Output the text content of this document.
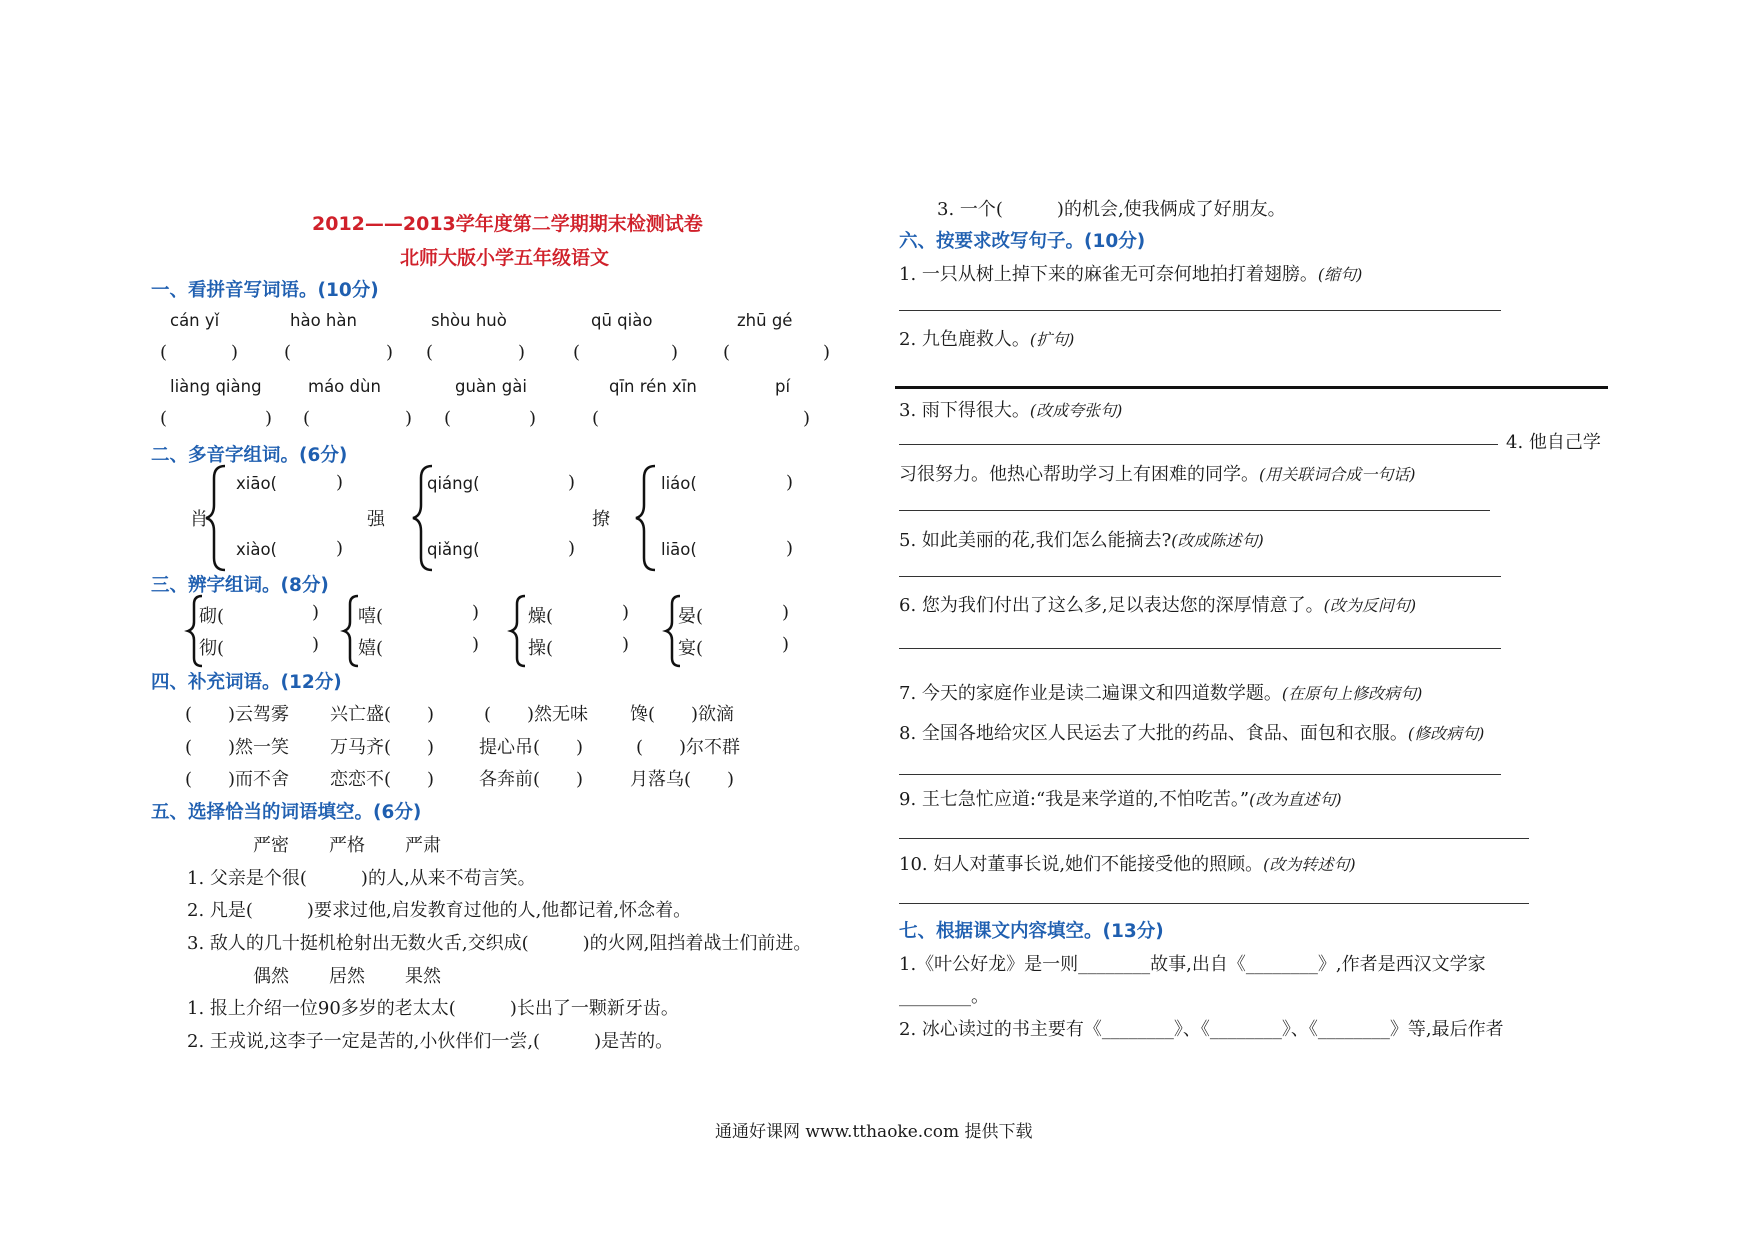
2012——2013学年度第二学期期末检测试卷
北师大版小学五年级语文
一、看拼音写词语。(10分)
cán yǐ	hào hàn	shòu huò	qū qiào	zhū gé
(	)	(	) (	)	(	) (	)
liàng qiàng	máo dùn	guàn gài	qīn rén xīn	pí
(	) (	) (	)	(	)
二、多音字组词。(6分)
肖
xiāo(	)
xiào(	)
强
qiáng(	)
qiǎng(	)
撩
liáo(	)
liāo(	)
三、辨字组词。(8分)
砌(	)
彻(	)
嘻(	)
嬉(	)
燥(	)
操(	)
晏(	)
宴(	)
四、补充词语。(12分)
(　　)云驾雾 兴亡盛(　　)	(　　)然无味 馋(　　)欲滴
(　　)然一笑 万马齐(　　) 提心吊(　　)	(　　)尔不群
(　　)而不舍 恋恋不(　　) 各奔前(　　)	月落乌(　　)
五、选择恰当的词语填空。(6分)
严密 严格 严肃
1. 父亲是个很(　　　)的人,从来不苟言笑。
2. 凡是(　　　)要求过他,启发教育过他的人,他都记着,怀念着。
3. 敌人的几十挺机枪射出无数火舌,交织成(　　　)的火网,阻挡着战士们前进。
偶然 居然 果然
1. 报上介绍一位90多岁的老太太(　　　)长出了一颗新牙齿。
2. 王戎说,这李子一定是苦的,小伙伴们一尝,(　　　)是苦的。
3. 一个(　　　)的机会,使我俩成了好朋友。
六、按要求改写句子。(10分)
1. 一只从树上掉下来的麻雀无可奈何地拍打着翅膀。(缩句)
2. 九色鹿救人。(扩句)
3. 雨下得很大。(改成夸张句)
4. 他自己学
习很努力。他热心帮助学习上有困难的同学。(用关联词合成一句话)
5. 如此美丽的花,我们怎么能摘去?(改成陈述句)
6. 您为我们付出了这么多,足以表达您的深厚情意了。(改为反问句)
7. 今天的家庭作业是读二遍课文和四道数学题。(在原句上修改病句)
8. 全国各地给灾区人民运去了大批的药品、食品、面包和衣服。(修改病句)
9. 王七急忙应道:“我是来学道的,不怕吃苦。”(改为直述句)
10. 妇人对董事长说,她们不能接受他的照顾。(改为转述句)
七、根据课文内容填空。(13分)
1.《叶公好龙》是一则________故事,出自《________》,作者是西汉文学家
________。
2. 冰心读过的书主要有《________》、《________》、《________》等,最后作者
通通好课网 www.tthaoke.com 提供下载
